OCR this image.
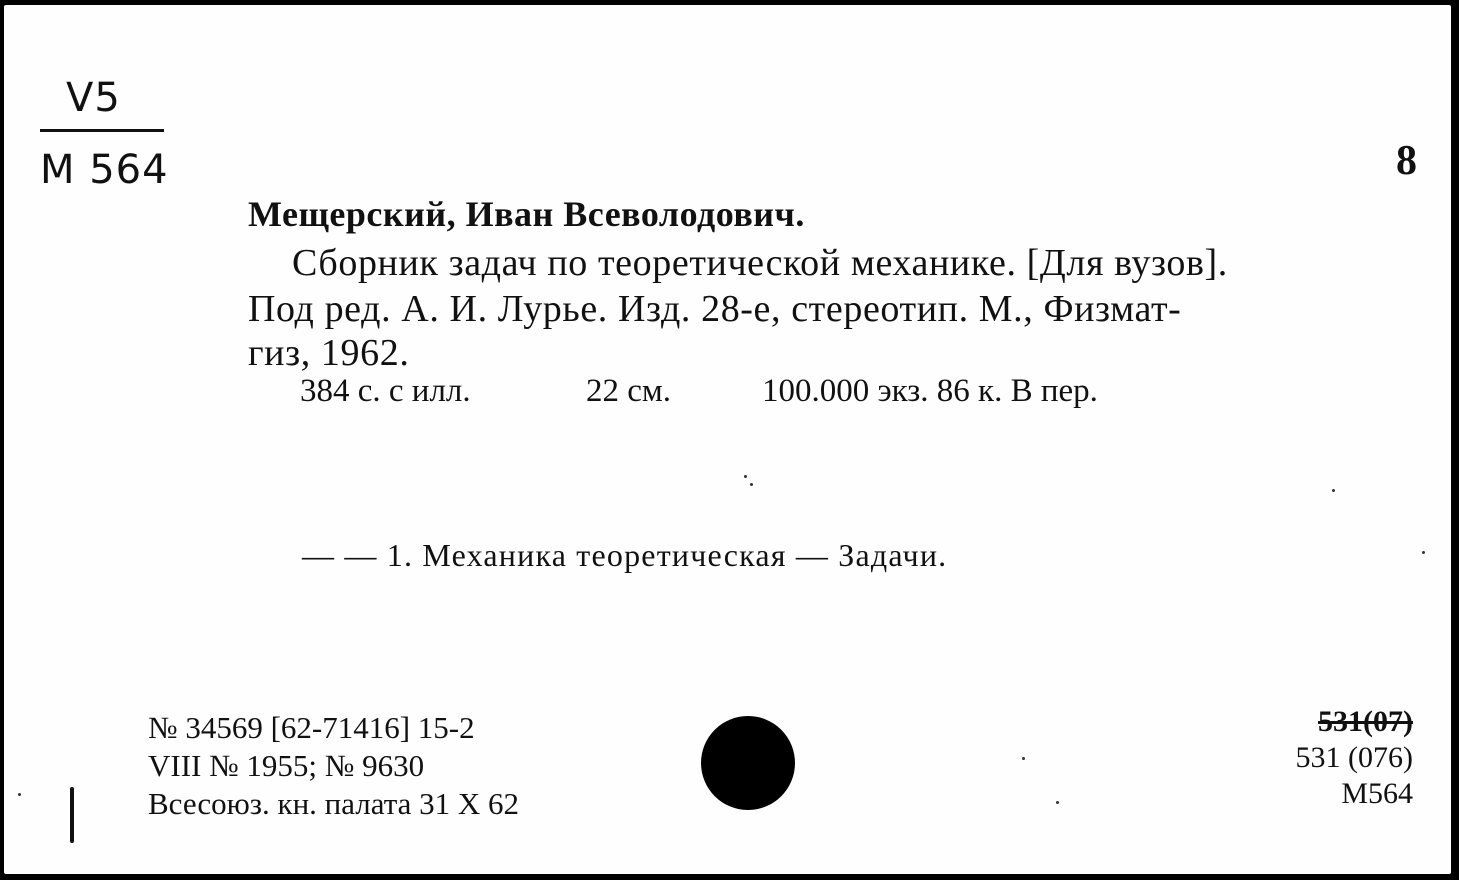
V5
M 564	8
Мещерский, Иван Всеволодович.
Сборник задач по теоретической механике. [Для вузов].
Под ред. А. И. Лурье. Изд. 28-е, стереотип. М., Физмат-
гиз, 1962.
384 с. с илл.	22 см.	100.000 экз. 86 к. В пер.
— — 1. Механика теоретическая — Задачи.
№ 34569 [62-71416] 15-2
VIII № 1955; № 9630
Всесоюз. кн. палата 31 X 62
531(07)
531 (076)
M564
